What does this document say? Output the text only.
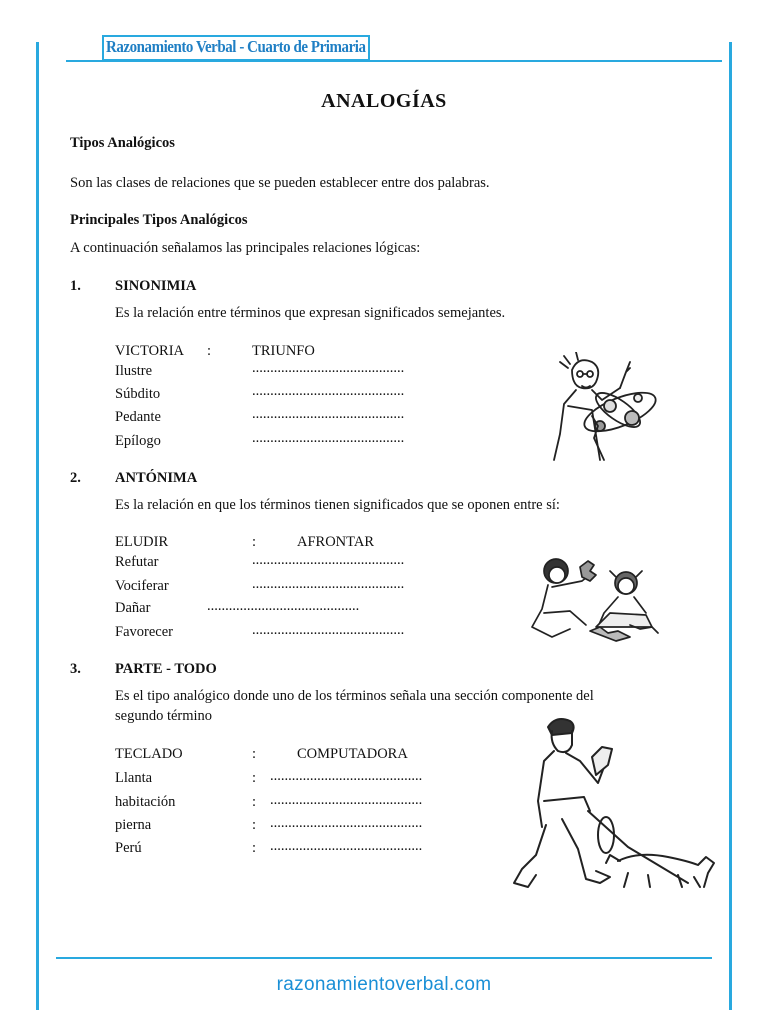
Razonamiento Verbal - Cuarto de Primaria
ANALOGÍAS
Tipos Analógicos
Son las clases de relaciones que se pueden establecer entre dos palabras.
Principales Tipos Analógicos
A continuación señalamos las principales relaciones lógicas:
1. SINONIMIA
Es la relación entre términos que expresan significados semejantes.
VICTORIA :	TRIUNFO
Ilustre	..........................................
Súbdito	..........................................
Pedante	..........................................
Epílogo	..........................................
2. ANTÓNIMA
Es la relación en que los términos tienen significados que se oponen entre sí:
ELUDIR	:	AFRONTAR
Refutar	..........................................
Vociferar	..........................................
Dañar	..........................................
Favorecer	..........................................
3. PARTE - TODO
Es el tipo analógico donde uno de los términos señala una sección componente del
segundo término
TECLADO	:	COMPUTADORA
Llanta	: ..........................................
habitación	: ..........................................
pierna	: ..........................................
Perú	: ..........................................
razonamientoverbal.com
